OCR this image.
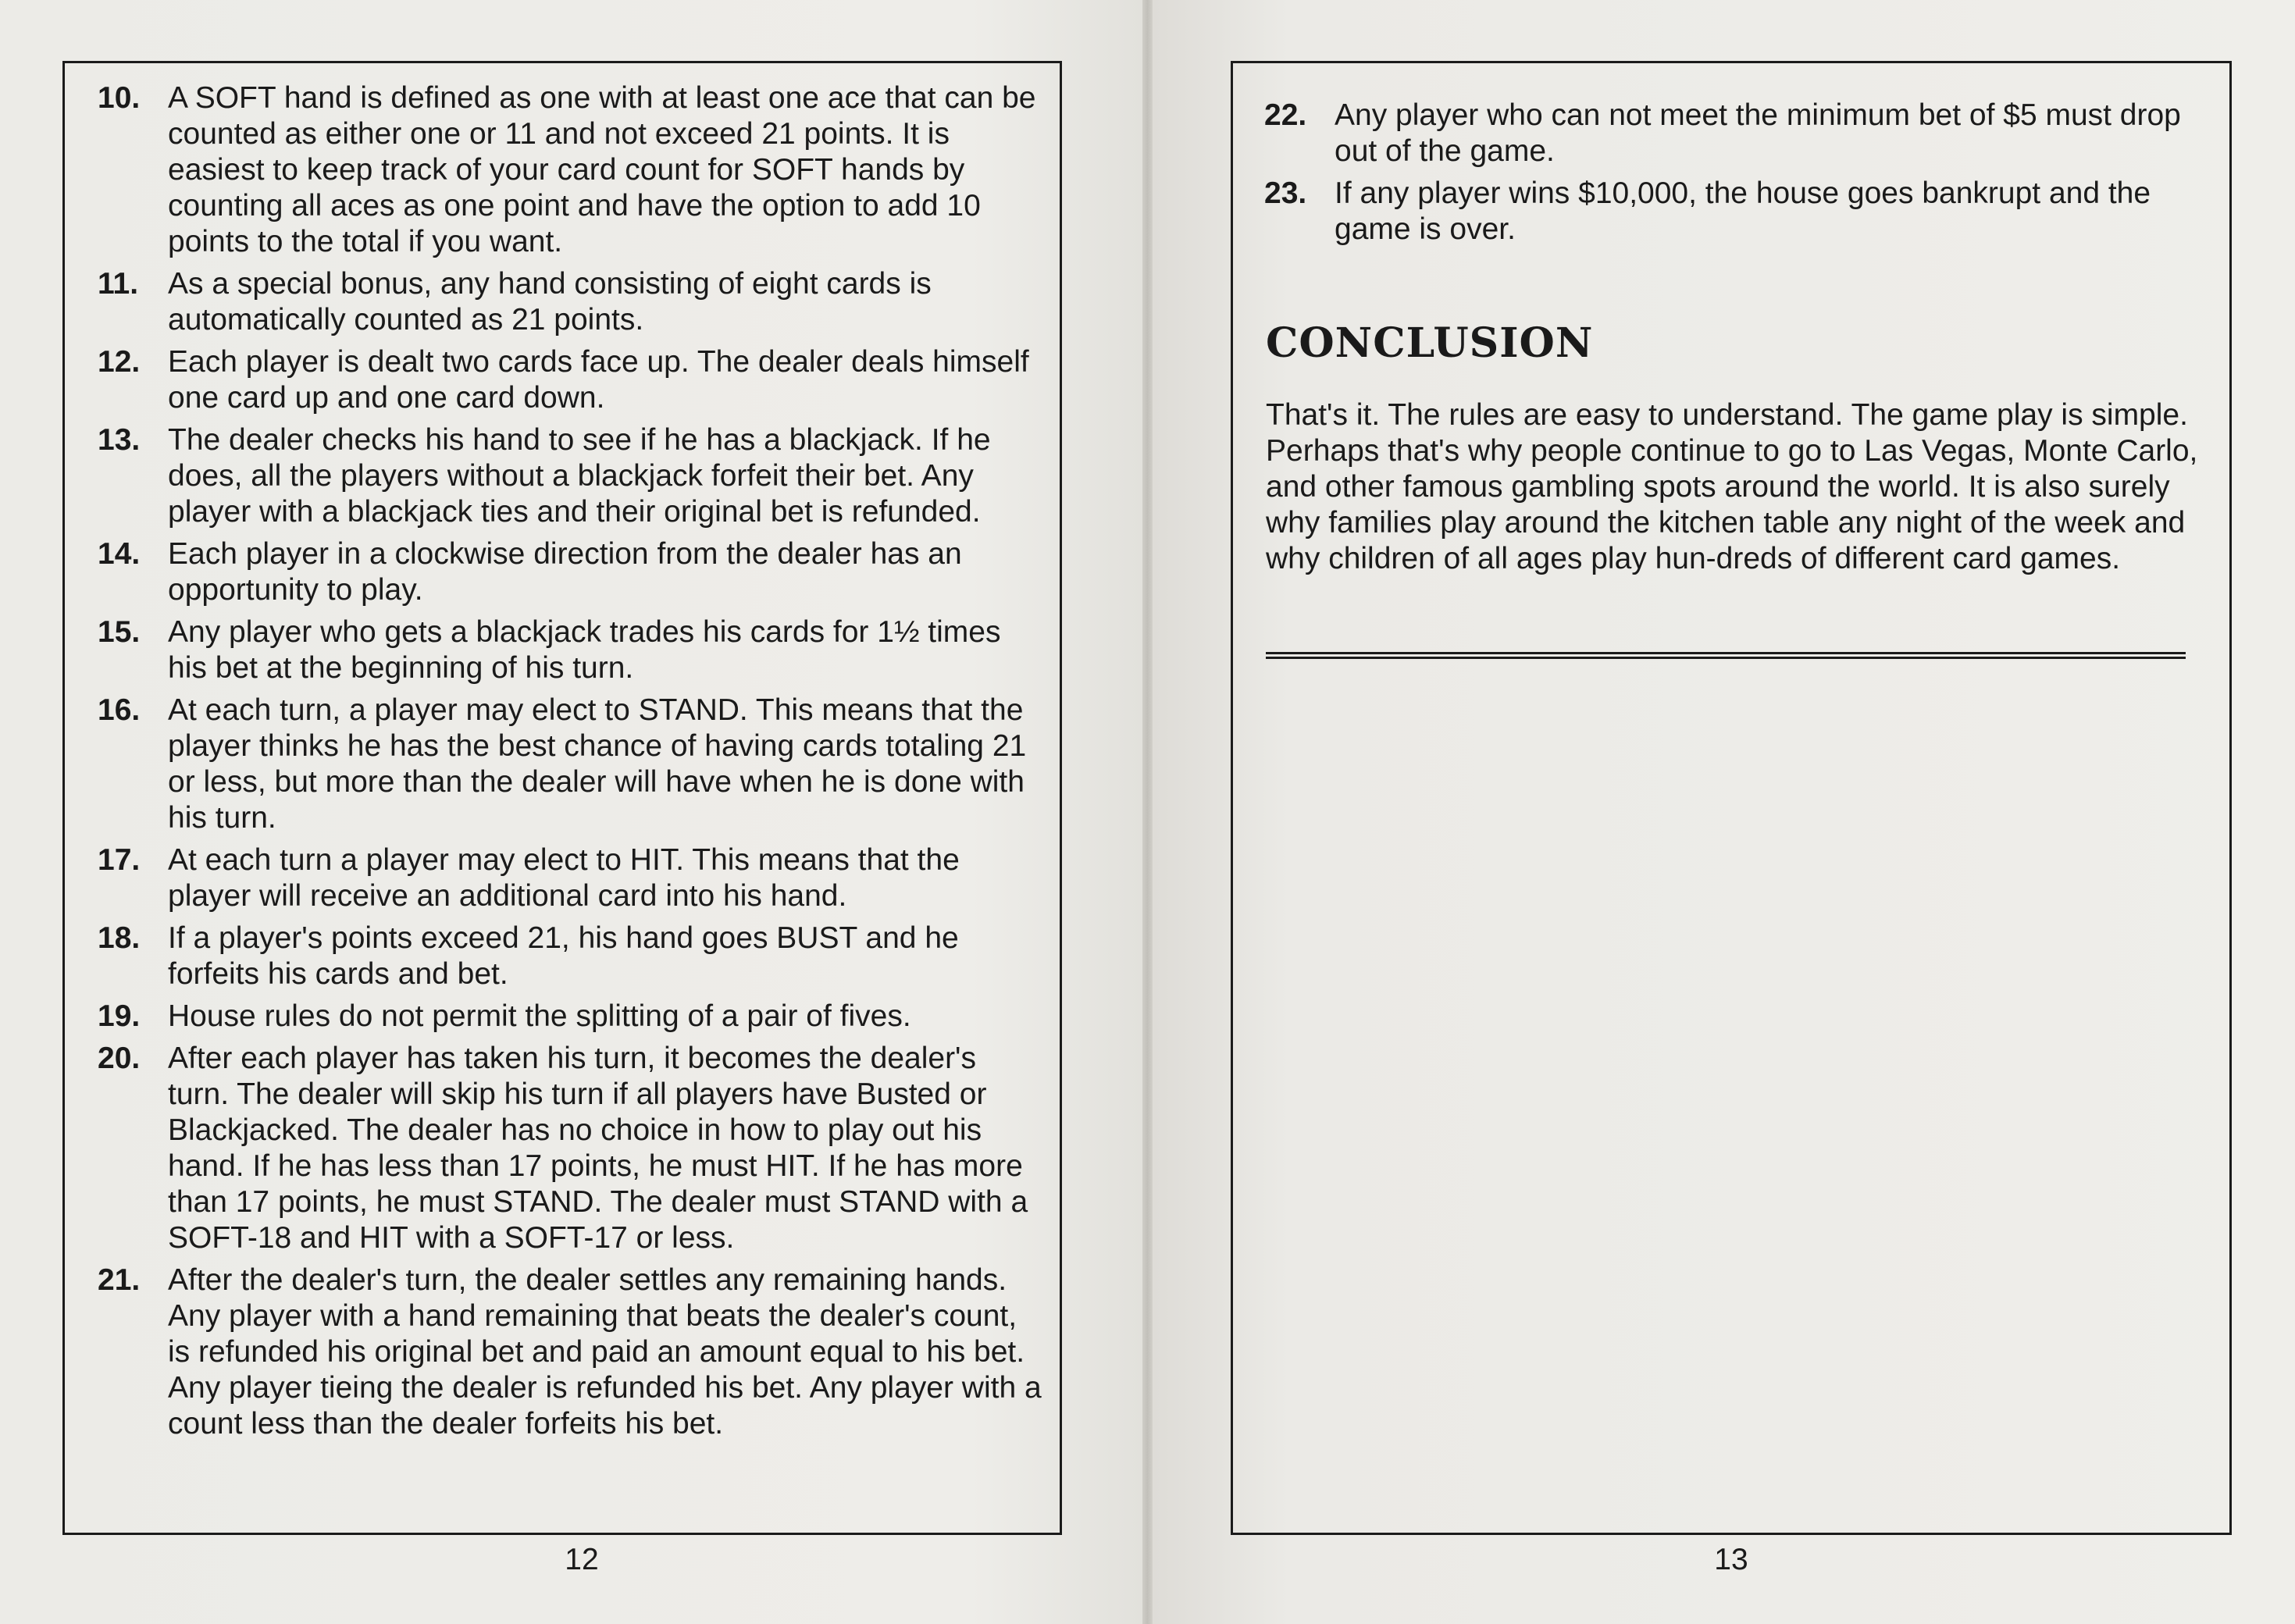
10. A SOFT hand is defined as one with at least one ace that can be counted as either one or 11 and not exceed 21 points. It is easiest to keep track of your card count for SOFT hands by counting all aces as one point and have the option to add 10 points to the total if you want.
11. As a special bonus, any hand consisting of eight cards is automatically counted as 21 points.
12. Each player is dealt two cards face up. The dealer deals himself one card up and one card down.
13. The dealer checks his hand to see if he has a blackjack. If he does, all the players without a blackjack forfeit their bet. Any player with a blackjack ties and their original bet is refunded.
14. Each player in a clockwise direction from the dealer has an opportunity to play.
15. Any player who gets a blackjack trades his cards for 1½ times his bet at the beginning of his turn.
16. At each turn, a player may elect to STAND. This means that the player thinks he has the best chance of having cards totaling 21 or less, but more than the dealer will have when he is done with his turn.
17. At each turn a player may elect to HIT. This means that the player will receive an additional card into his hand.
18. If a player's points exceed 21, his hand goes BUST and he forfeits his cards and bet.
19. House rules do not permit the splitting of a pair of fives.
20. After each player has taken his turn, it becomes the dealer's turn. The dealer will skip his turn if all players have Busted or Blackjacked. The dealer has no choice in how to play out his hand. If he has less than 17 points, he must HIT. If he has more than 17 points, he must STAND. The dealer must STAND with a SOFT-18 and HIT with a SOFT-17 or less.
21. After the dealer's turn, the dealer settles any remaining hands. Any player with a hand remaining that beats the dealer's count, is refunded his original bet and paid an amount equal to his bet. Any player tieing the dealer is refunded his bet. Any player with a count less than the dealer forfeits his bet.
12
22. Any player who can not meet the minimum bet of $5 must drop out of the game.
23. If any player wins $10,000, the house goes bankrupt and the game is over.
CONCLUSION

That's it. The rules are easy to understand. The game play is simple. Perhaps that's why people continue to go to Las Vegas, Monte Carlo, and other famous gambling spots around the world. It is also surely why families play around the kitchen table any night of the week and why children of all ages play hun-dreds of different card games.

13
